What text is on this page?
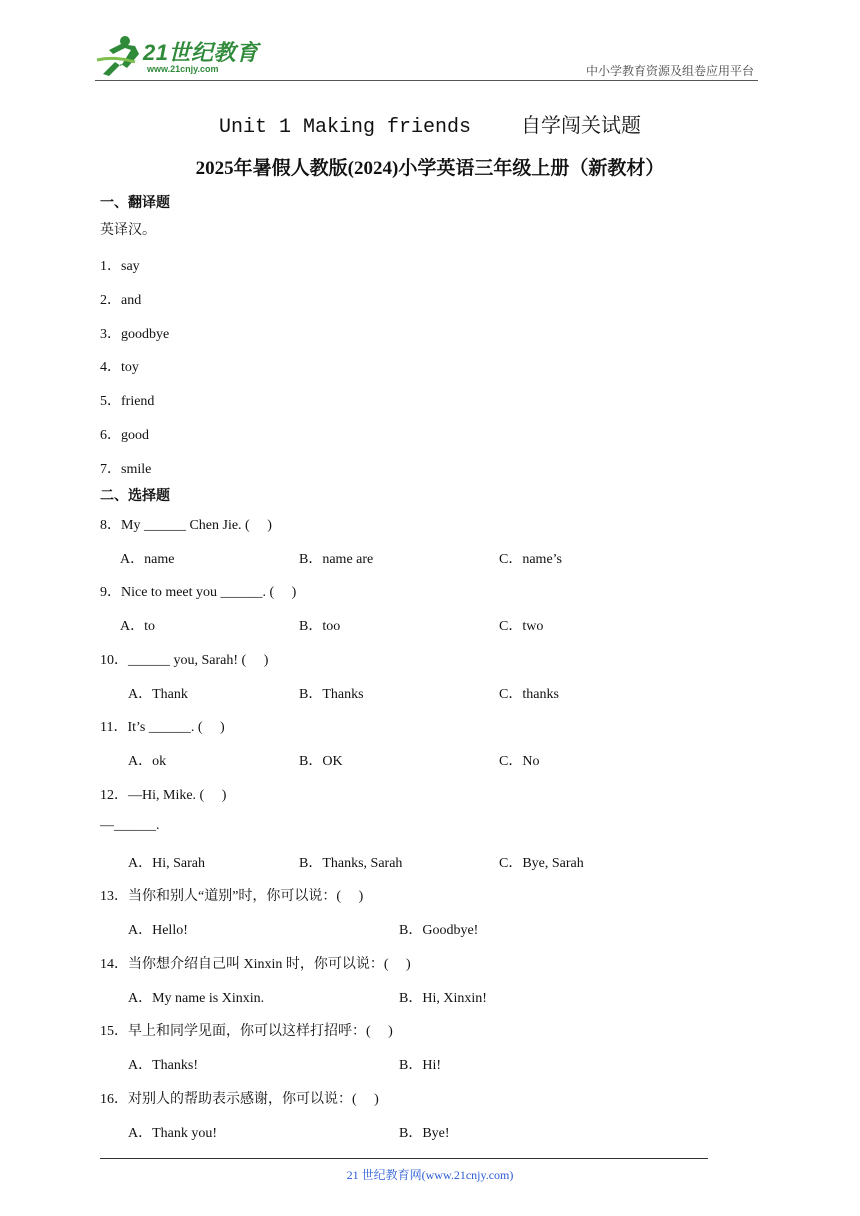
21世纪教育
www.21cnjy.com	中小学教育资源及组卷应用平台
Unit 1 Making friends	自学闯关试题
2025年暑假人教版(2024)小学英语三年级上册（新教材）
一、翻译题
英译汉。
1．say
2．and
3．goodbye
4．toy
5．friend
6．good
7．smile
二、选择题
8．My ______ Chen Jie. (　 )
A．name	B．name are	C．name’s
9．Nice to meet you ______. (　 )
A．to	B．too	C．two
10．______ you, Sarah! (　 )
A．Thank	B．Thanks	C．thanks
11．It’s ______. (　 )
A．ok	B．OK	C．No
12．—Hi, Mike. (　 )
—______.
A．Hi, Sarah	B．Thanks, Sarah	C．Bye, Sarah
13．当你和别人“道别”时，你可以说：(　 )
A．Hello!	B．Goodbye!
14．当你想介绍自己叫 Xinxin 时，你可以说：(　 )
A．My name is Xinxin.	B．Hi, Xinxin!
15．早上和同学见面，你可以这样打招呼：(　 )
A．Thanks!	B．Hi!
16．对别人的帮助表示感谢，你可以说：(　 )
A．Thank you!	B．Bye!
21 世纪教育网(www.21cnjy.com)
